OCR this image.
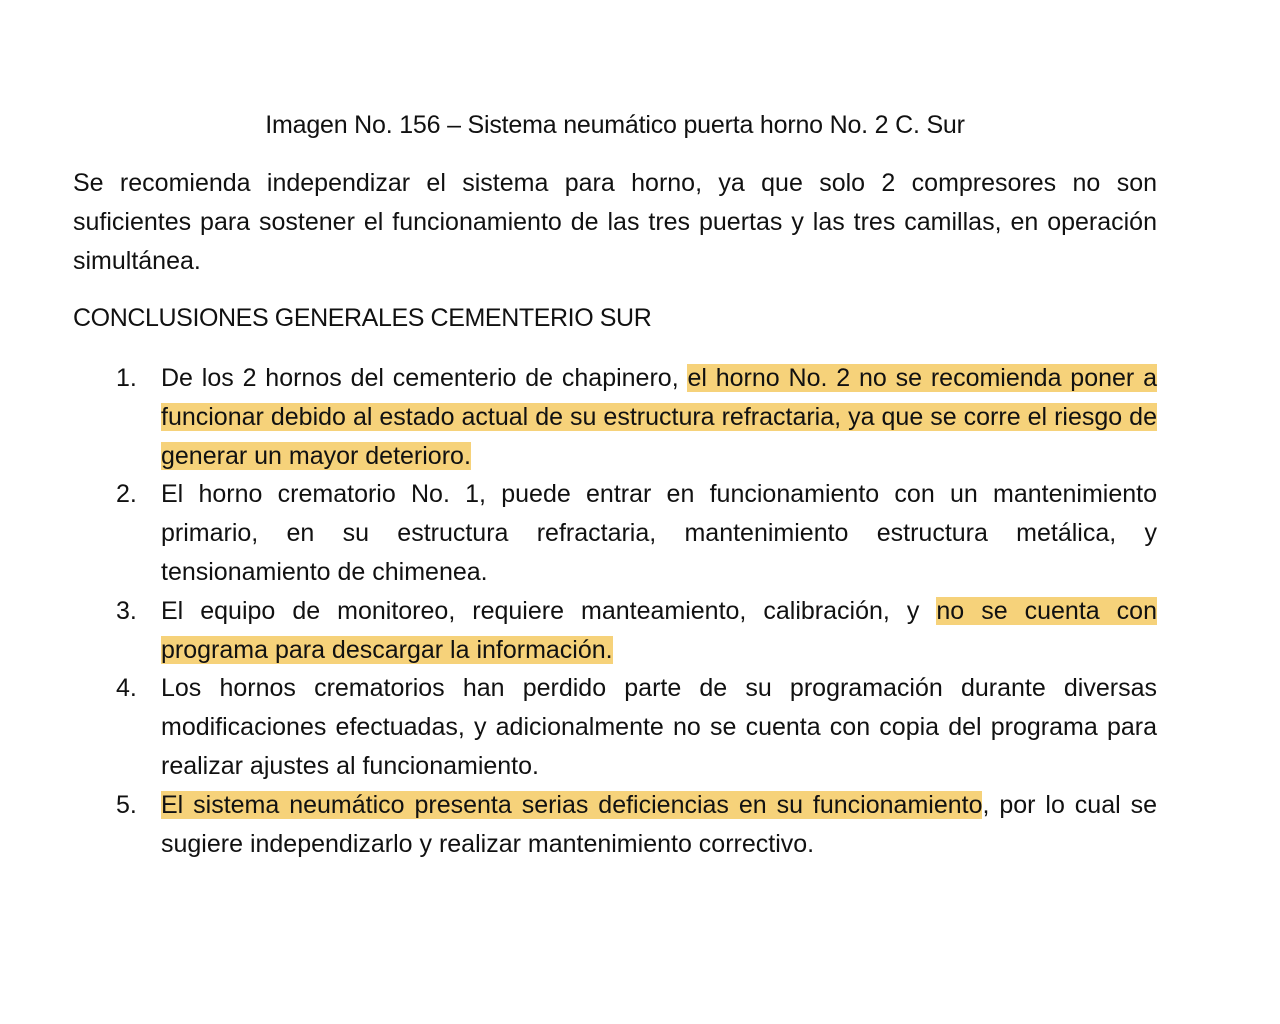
Imagen No. 156 – Sistema neumático puerta horno No. 2 C. Sur

Se recomienda independizar el sistema para horno, ya que solo 2 compresores no son suficientes para sostener el funcionamiento de las tres puertas y las tres camillas, en operación simultánea.

CONCLUSIONES GENERALES CEMENTERIO SUR

1. De los 2 hornos del cementerio de chapinero, el horno No. 2 no se recomienda poner a funcionar debido al estado actual de su estructura refractaria, ya que se corre el riesgo de generar un mayor deterioro.
2. El horno crematorio No. 1, puede entrar en funcionamiento con un mantenimiento primario, en su estructura refractaria, mantenimiento estructura metálica, y tensionamiento de chimenea.
3. El equipo de monitoreo, requiere manteamiento, calibración, y no se cuenta con programa para descargar la información.
4. Los hornos crematorios han perdido parte de su programación durante diversas modificaciones efectuadas, y adicionalmente no se cuenta con copia del programa para realizar ajustes al funcionamiento.
5. El sistema neumático presenta serias deficiencias en su funcionamiento, por lo cual se sugiere independizarlo y realizar mantenimiento correctivo.
